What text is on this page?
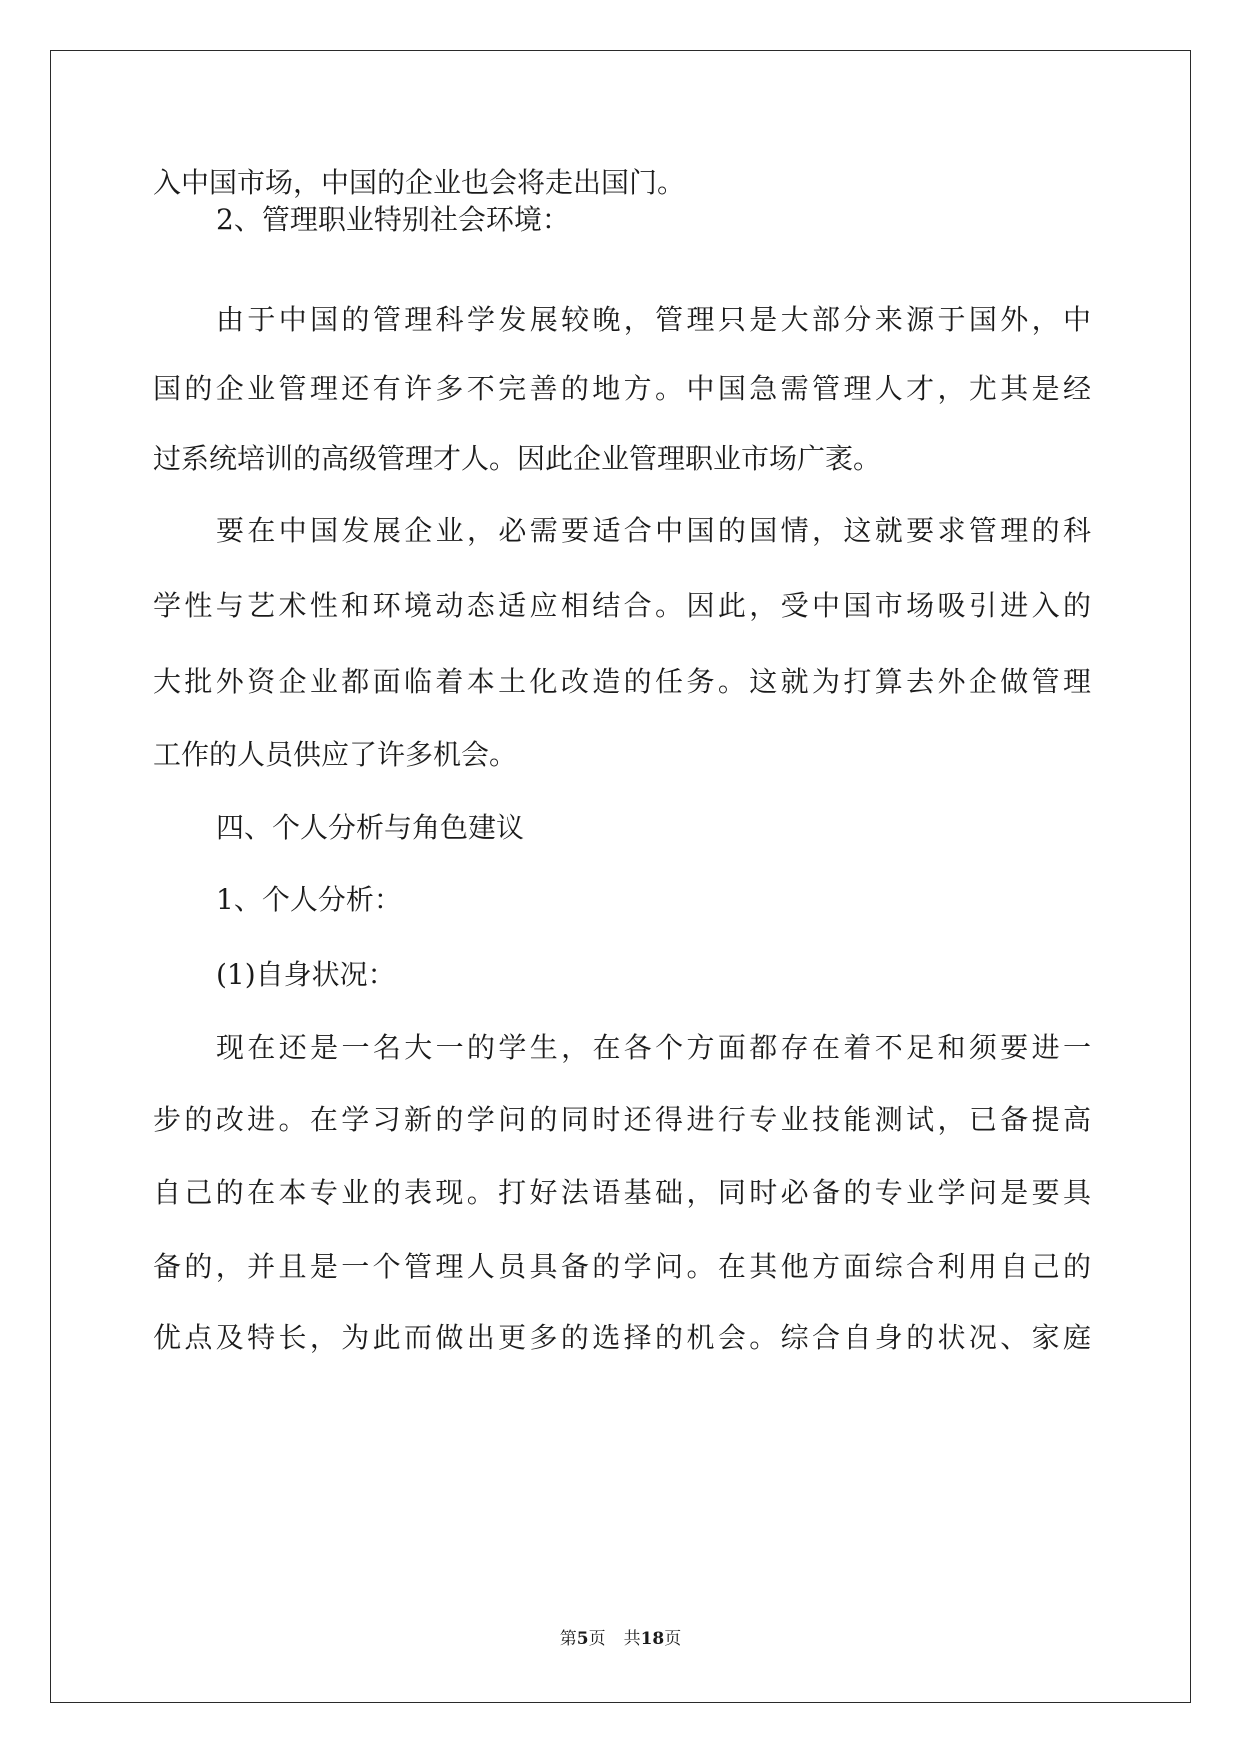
入中国市场，中国的企业也会将走出国门。
2、管理职业特别社会环境：
由于中国的管理科学发展较晚，管理只是大部分来源于国外，中
国的企业管理还有许多不完善的地方。中国急需管理人才，尤其是经
过系统培训的高级管理才人。因此企业管理职业市场广袤。
要在中国发展企业，必需要适合中国的国情，这就要求管理的科
学性与艺术性和环境动态适应相结合。因此，受中国市场吸引进入的
大批外资企业都面临着本土化改造的任务。这就为打算去外企做管理
工作的人员供应了许多机会。
四、个人分析与角色建议
1、个人分析：
(1)自身状况：
现在还是一名大一的学生，在各个方面都存在着不足和须要进一
步的改进。在学习新的学问的同时还得进行专业技能测试，已备提高
自己的在本专业的表现。打好法语基础，同时必备的专业学问是要具
备的，并且是一个管理人员具备的学问。在其他方面综合利用自己的
优点及特长，为此而做出更多的选择的机会。综合自身的状况、家庭
第5页 共18页
